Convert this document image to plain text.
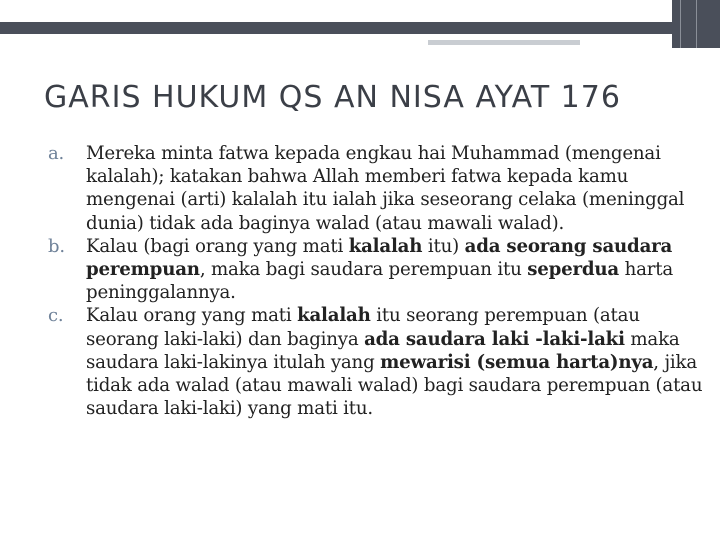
GARIS HUKUM QS AN NISA AYAT 176
a. Mereka minta fatwa kepada engkau hai Muhammad (mengenai kalalah); katakan bahwa Allah memberi fatwa kepada kamu mengenai (arti) kalalah itu ialah jika seseorang celaka (meninggal dunia) tidak ada baginya walad (atau mawali walad).
b. Kalau (bagi orang yang mati kalalah itu) ada seorang saudara perempuan, maka bagi saudara perempuan itu seperdua harta peninggalannya.
c. Kalau orang yang mati kalalah itu seorang perempuan (atau seorang laki-laki) dan baginya ada saudara laki -laki-laki maka saudara laki-lakinya itulah yang mewarisi (semua harta)nya, jika tidak ada walad (atau mawali walad) bagi saudara perempuan (atau saudara laki-laki) yang mati itu.
